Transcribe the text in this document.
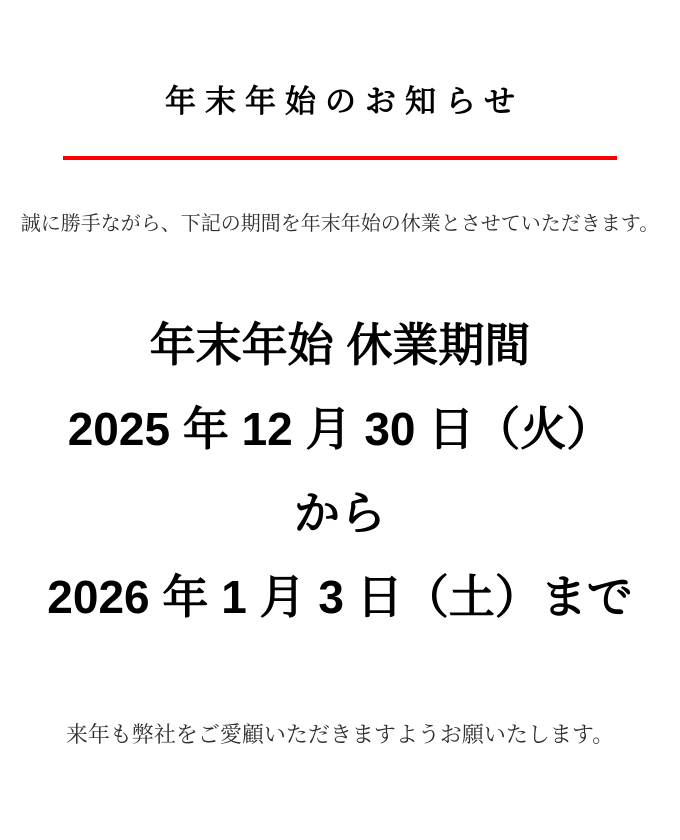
年末年始のお知らせ

誠に勝手ながら、下記の期間を年末年始の休業とさせていただきます。

年末年始 休業期間
2025 年 12 月 30 日（火）
から
2026 年 1 月 3 日（土）まで

来年も弊社をご愛顧いただきますようお願いたします。
